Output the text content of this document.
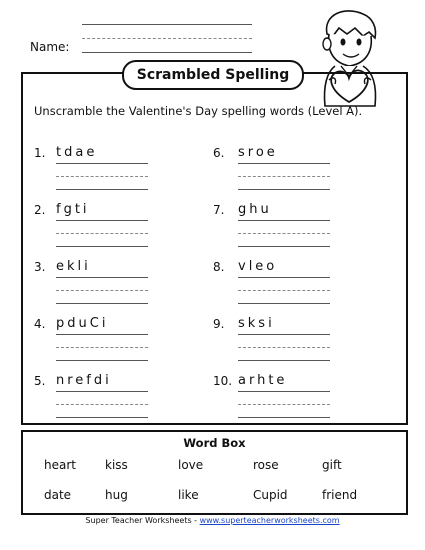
Name:
Scrambled Spelling
Unscramble the Valentine's Day spelling words (Level A).
1. tdae
2. fgti
3. ekli
4. pduCi
5. nrefdi
6. sroe
7. ghu
8. vleo
9. sksi
10. arhte
Word Box
heart kiss	love	rose	gift
date	hug	like	Cupid	friend
Super Teacher Worksheets - www.superteacherworksheets.com
